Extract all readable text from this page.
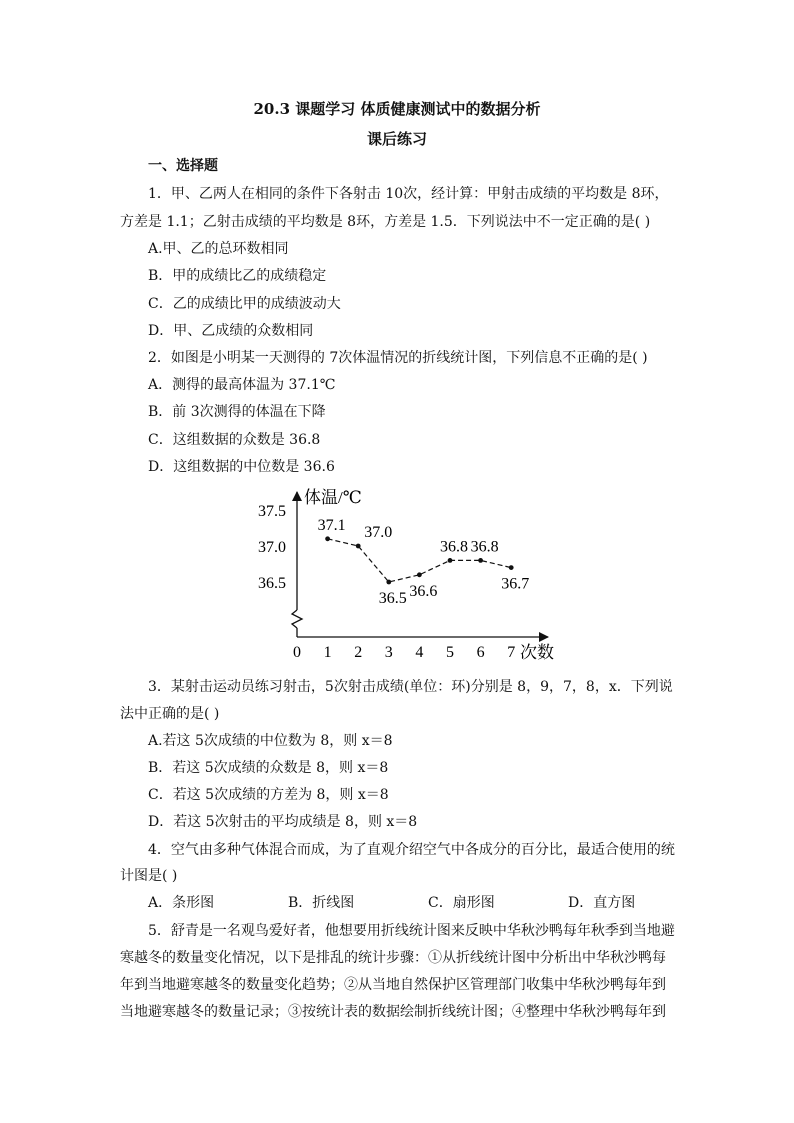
20.3 课题学习 体质健康测试中的数据分析
课后练习
一、选择题
1．甲、乙两人在相同的条件下各射击 10次，经计算：甲射击成绩的平均数是 8环，
方差是 1.1；乙射击成绩的平均数是 8环，方差是 1.5．下列说法中不一定正确的是( )
A.甲、乙的总环数相同
B．甲的成绩比乙的成绩稳定
C．乙的成绩比甲的成绩波动大
D．甲、乙成绩的众数相同
2．如图是小明某一天测得的 7次体温情况的折线统计图，下列信息不正确的是( )
A．测得的最高体温为 37.1℃
B．前 3次测得的体温在下降
C．这组数据的众数是 36.8
D．这组数据的中位数是 36.6
体温/℃
次数
36.5
37.0
37.5
0 1 2 3 4 5 6 7
37.1 37.0
36.5 36.6
36.8 36.8
36.7
3．某射击运动员练习射击，5次射击成绩(单位：环)分别是 8，9，7，8，x．下列说
法中正确的是( )
A.若这 5次成绩的中位数为 8，则 x＝8
B．若这 5次成绩的众数是 8，则 x＝8
C．若这 5次成绩的方差为 8，则 x＝8
D．若这 5次射击的平均成绩是 8，则 x＝8
4．空气由多种气体混合而成，为了直观介绍空气中各成分的百分比，最适合使用的统
计图是( )
A．条形图	B．折线图	C．扇形图	D．直方图
5．舒青是一名观鸟爱好者，他想要用折线统计图来反映中华秋沙鸭每年秋季到当地避
寒越冬的数量变化情况，以下是排乱的统计步骤：①从折线统计图中分析出中华秋沙鸭每
年到当地避寒越冬的数量变化趋势；②从当地自然保护区管理部门收集中华秋沙鸭每年到
当地避寒越冬的数量记录；③按统计表的数据绘制折线统计图；④整理中华秋沙鸭每年到
